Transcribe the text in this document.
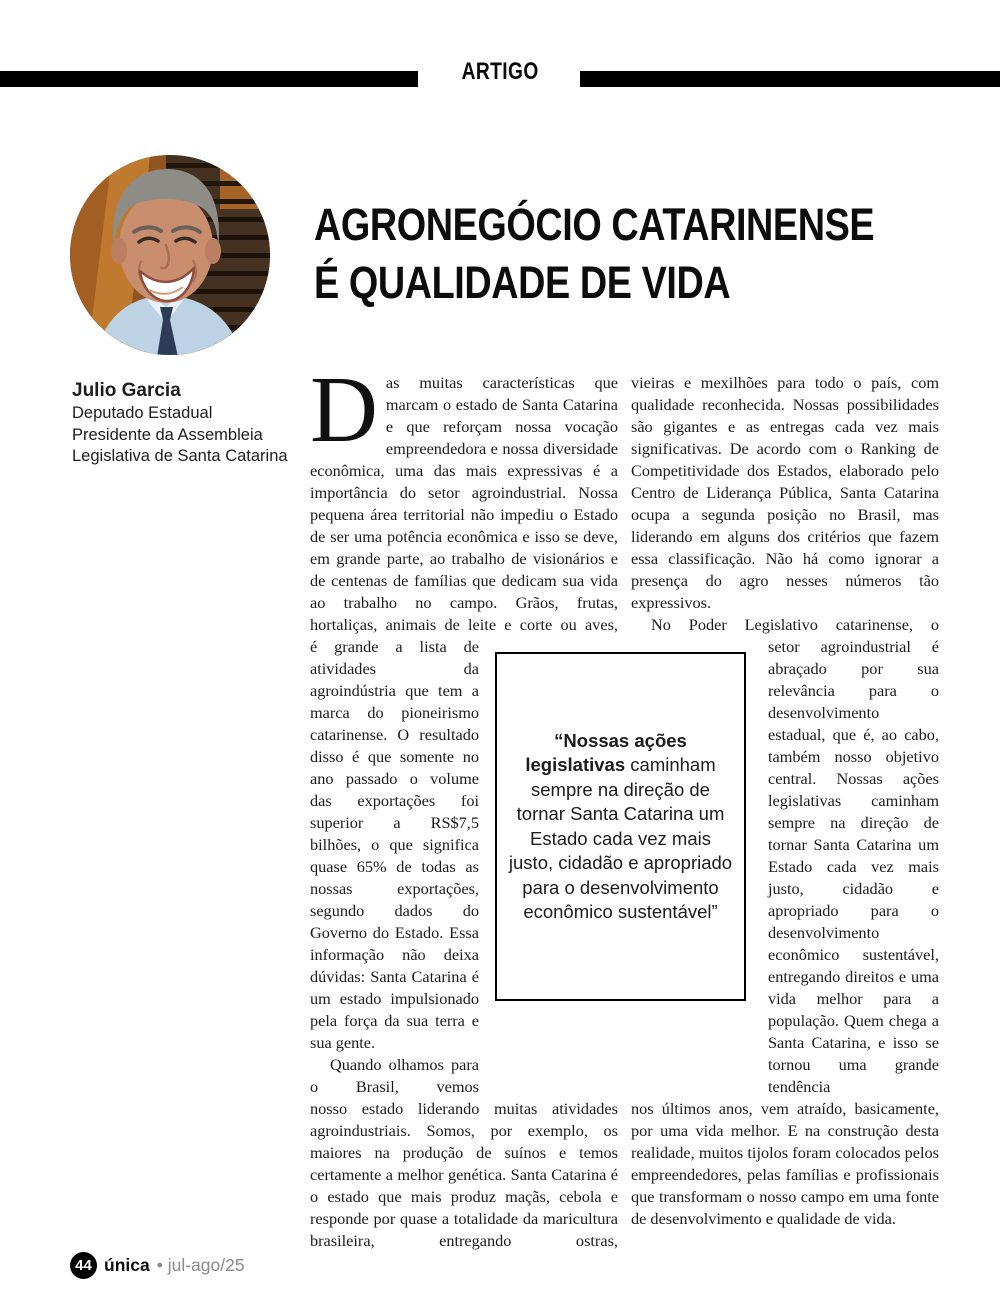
ARTIGO
AGRONEGÓCIO CATARINENSE
É QUALIDADE DE VIDA
Julio Garcia
Deputado Estadual
Presidente da Assembleia
Legislativa de Santa Catarina Das muitas características que marcam o estado de Santa Catarina e que reforçam nossa vocação empreendedora e nossa diversidade econômica, uma das mais expressivas é a importância do setor agroindustrial. Nossa pequena área territorial não impediu o Estado de ser uma potência econômica e isso se deve, em grande parte, ao trabalho de visionários e de centenas de famílias que dedicam sua vida ao trabalho no campo. Grãos, frutas, hortaliças, animais de leite e corte ou aves,

é grande a lista de atividades da agroindústria que tem a marca do pioneirismo catarinense. O resultado disso é que somente no ano passado o volume das exportações foi superior a RS$7,5 bilhões, o que significa quase 65% de todas as nossas exportações, segundo dados do Governo do Estado. Essa informação não deixa dúvidas: Santa Catarina é um estado impulsionado pela força da sua terra e sua gente.

Quando olhamos para o Brasil, vemos

nosso estado liderando muitas atividades agroindustriais. Somos, por exemplo, os maiores na produção de suínos e temos certamente a melhor genética. Santa Catarina é o estado que mais produz maçãs, cebola e responde por quase a totalidade da maricultura brasileira, entregando ostras,

vieiras e mexilhões para todo o país, com qualidade reconhecida. Nossas possibilidades são gigantes e as entregas cada vez mais significativas. De acordo com o Ranking de Competitividade dos Estados, elaborado pelo Centro de Liderança Pública, Santa Catarina ocupa a segunda posição no Brasil, mas liderando em alguns dos critérios que fazem essa classificação. Não há como ignorar a presença do agro nesses números tão expressivos.

No Poder Legislativo catarinense, o

setor agroindustrial é abraçado por sua relevância para o desenvolvimento estadual, que é, ao cabo, também nosso objetivo central. Nossas ações legislativas caminham sempre na direção de tornar Santa Catarina um Estado cada vez mais justo, cidadão e apropriado para o desenvolvimento econômico sustentável, entregando direitos e uma vida melhor para a população. Quem chega a Santa Catarina, e isso se tornou uma grande tendência

nos últimos anos, vem atraído, basicamente, por uma vida melhor. E na construção desta realidade, muitos tijolos foram colocados pelos empreendedores, pelas famílias e profissionais que transformam o nosso campo em uma fonte de desenvolvimento e qualidade de vida.

“Nossas ações legislativas caminham sempre na direção de tornar Santa Catarina um Estado cada vez mais justo, cidadão e apropriado para o desenvolvimento econômico sustentável”

44 única • jul-ago/25
